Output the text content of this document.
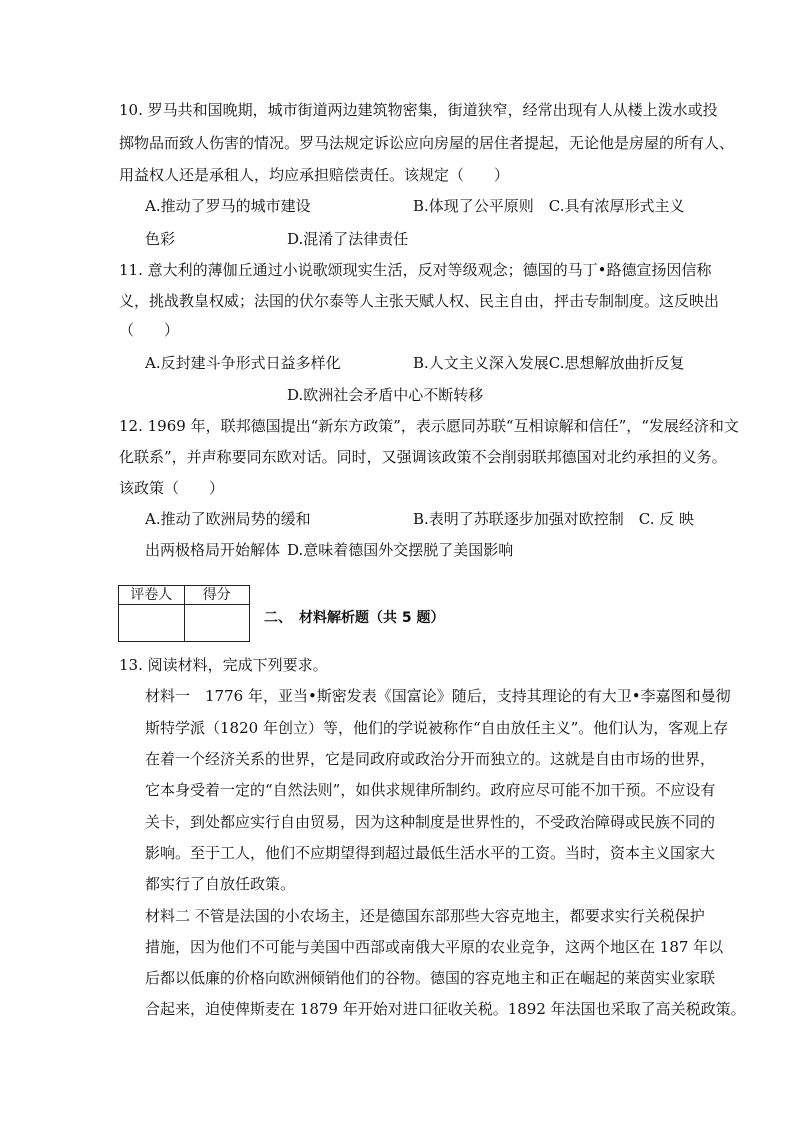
10. 罗马共和国晚期，城市街道两边建筑物密集，街道狭窄，经常出现有人从楼上泼水或投
掷物品而致人伤害的情况。罗马法规定诉讼应向房屋的居住者提起，无论他是房屋的所有人、
用益权人还是承租人，均应承担赔偿责任。该规定（　　）
A.推动了罗马的城市建设	B.体现了公平原则　C.具有浓厚形式主义
色彩	D.混淆了法律责任
11. 意大利的薄伽丘通过小说歌颂现实生活，反对等级观念；德国的马丁•路德宣扬因信称
义，挑战教皇权威；法国的伏尔泰等人主张天赋人权、民主自由，抨击专制制度。这反映出
（　　）
A.反封建斗争形式日益多样化	B.人文主义深入发展C.思想解放曲折反复
D.欧洲社会矛盾中心不断转移
12. 1969 年，联邦德国提出“新东方政策”，表示愿同苏联“互相谅解和信任”，“发展经济和文
化联系”，并声称要同东欧对话。同时，又强调该政策不会削弱联邦德国对北约承担的义务。
该政策（　　）
A.推动了欧洲局势的缓和	B.表明了苏联逐步加强对欧控制　C. 反 映
出两极格局开始解体 D.意味着德国外交摆脱了美国影响
评卷人	得分

二、　材料解析题（共 5 题）
13. 阅读材料，完成下列要求。
材料一　1776 年，亚当•斯密发表《国富论》随后，支持其理论的有大卫•李嘉图和曼彻
斯特学派（1820 年创立）等，他们的学说被称作“自由放任主义”。他们认为，客观上存
在着一个经济关系的世界，它是同政府或政治分开而独立的。这就是自由市场的世界，
它本身受着一定的“自然法则”，如供求规律所制约。政府应尽可能不加干预。不应设有
关卡，到处都应实行自由贸易，因为这种制度是世界性的，不受政治障碍或民族不同的
影响。至于工人，他们不应期望得到超过最低生活水平的工资。当时，资本主义国家大
都实行了自放任政策。
材料二 不管是法国的小农场主，还是德国东部那些大容克地主，都要求实行关税保护
措施，因为他们不可能与美国中西部或南俄大平原的农业竞争，这两个地区在 187 年以
后都以低廉的价格向欧洲倾销他们的谷物。德国的容克地主和正在崛起的莱茵实业家联
合起来，迫使俾斯麦在 1879 年开始对进口征收关税。1892 年法国也采取了高关税政策。
